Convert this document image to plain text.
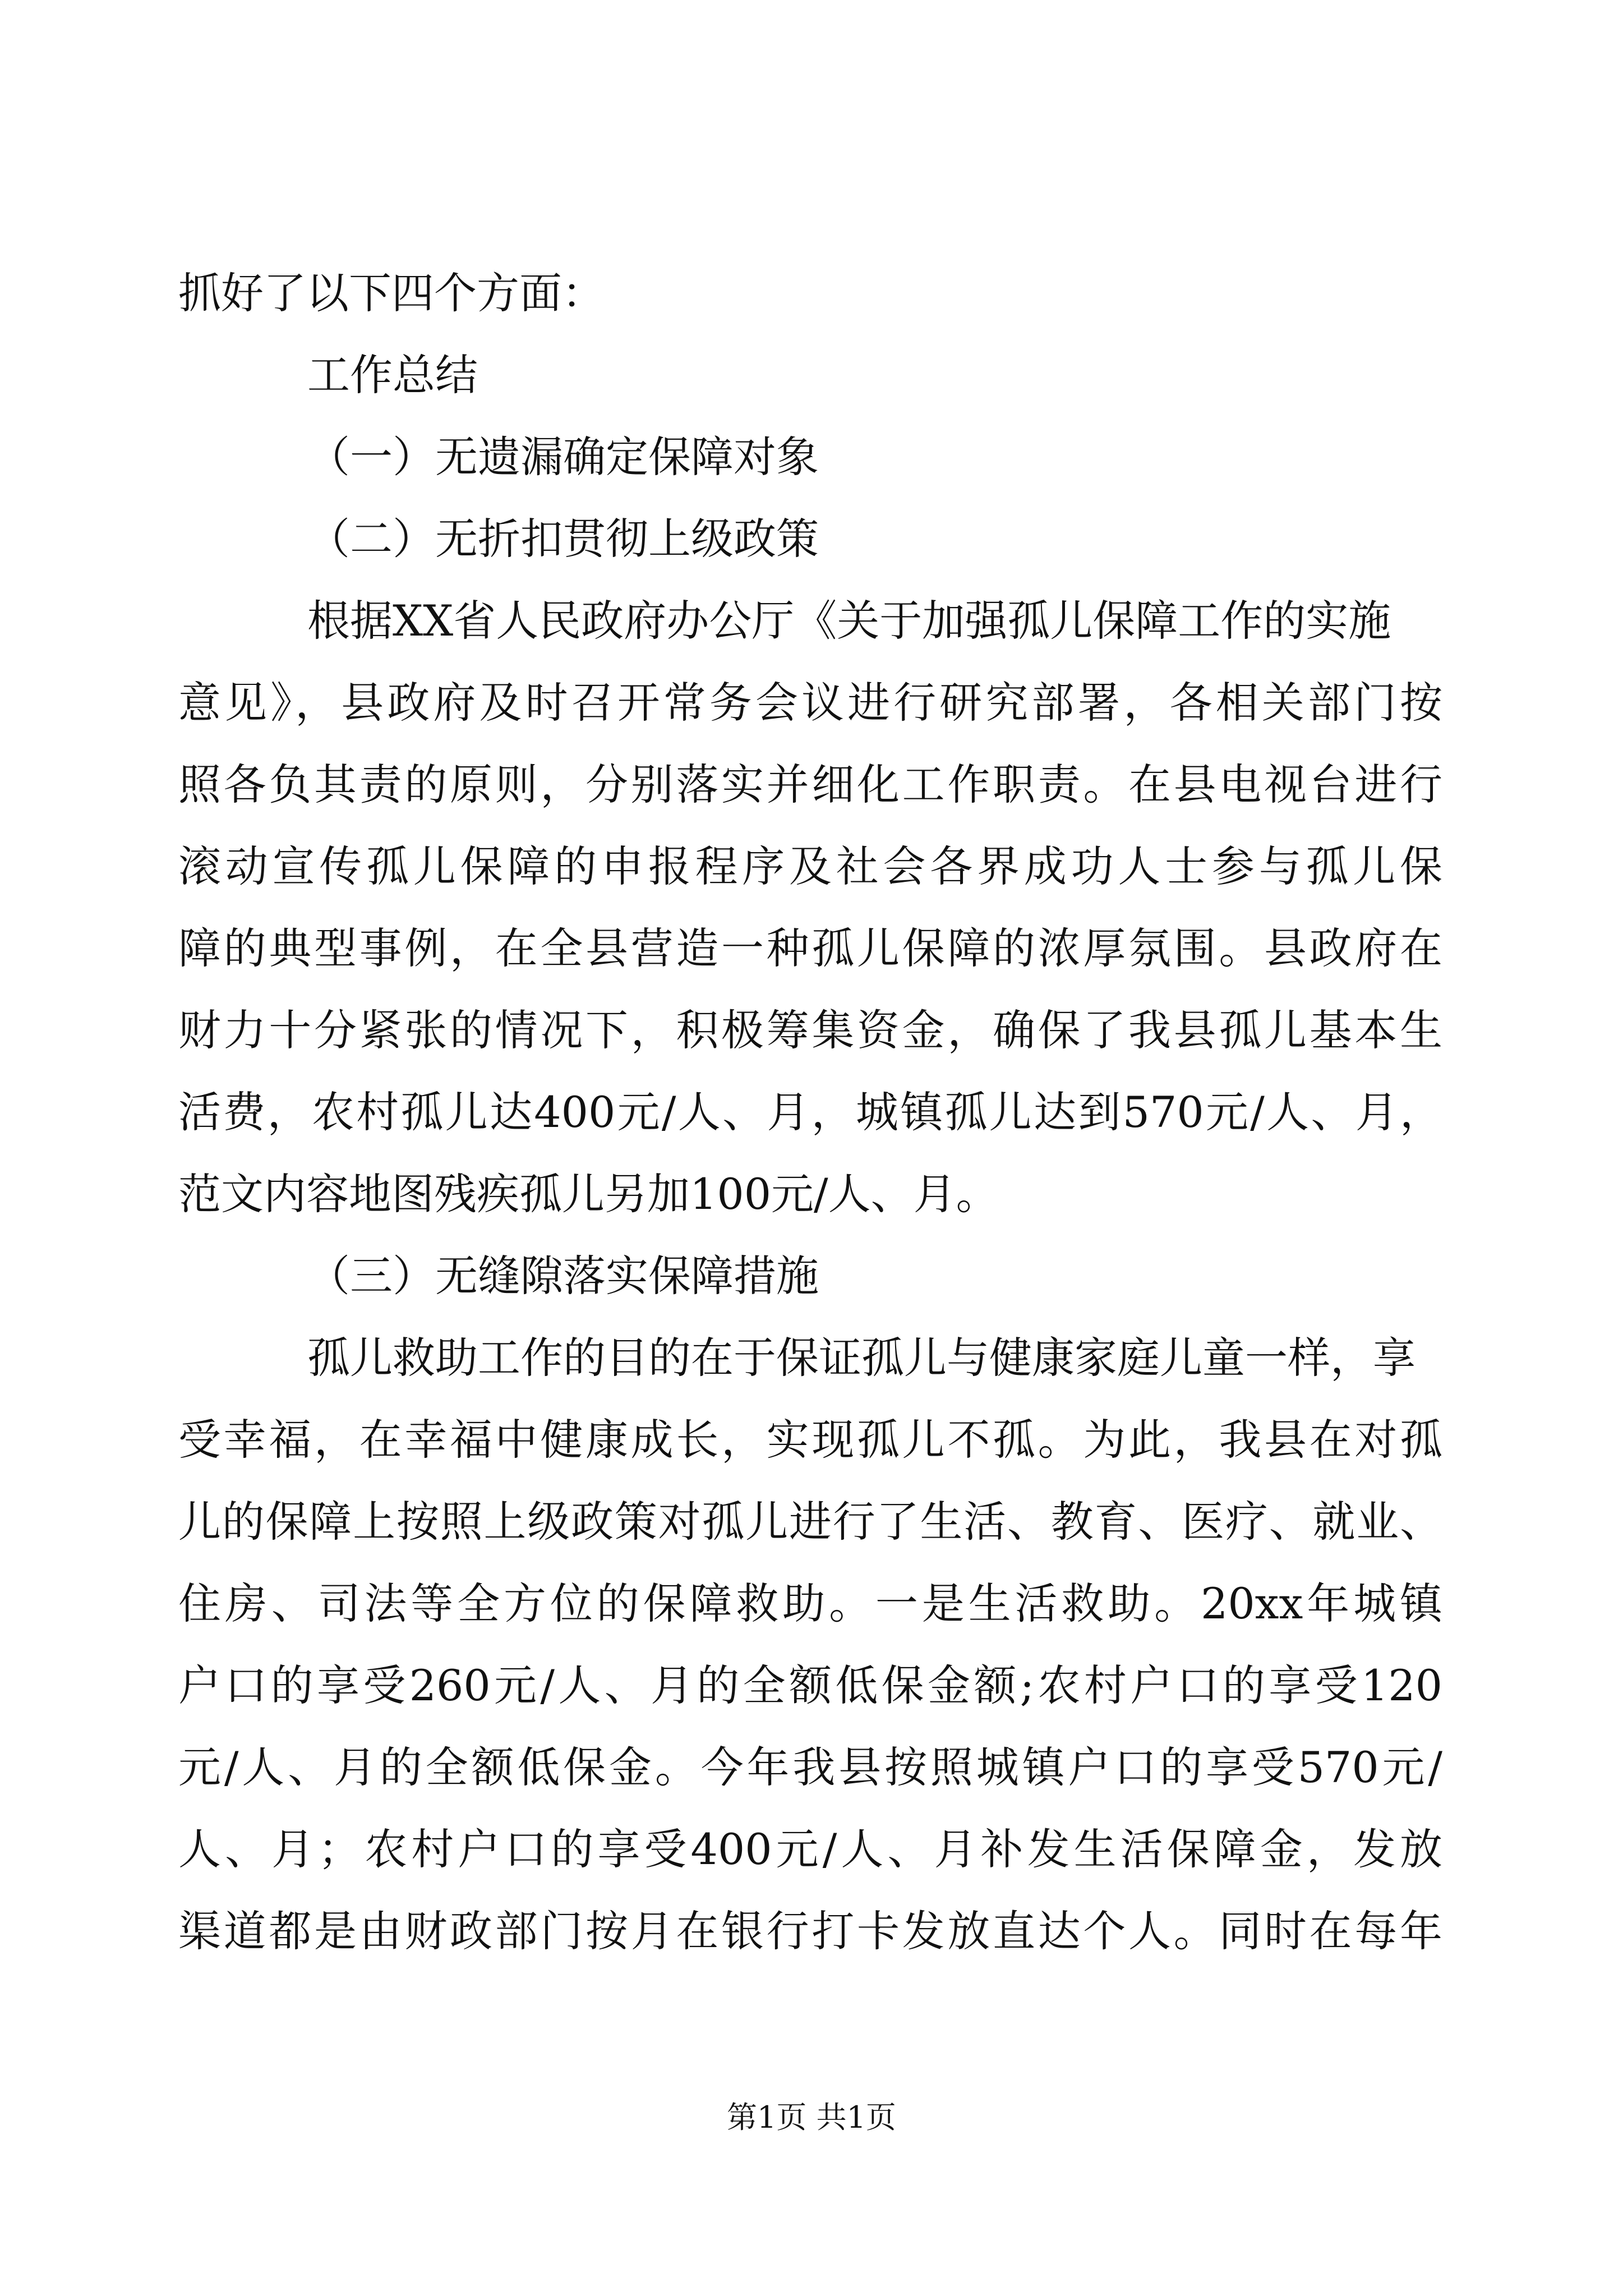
抓好了以下四个方面：
工作总结
（一）无遗漏确定保障对象
（二）无折扣贯彻上级政策
根据XX省人民政府办公厅《关于加强孤儿保障工作的实施
意见》，县政府及时召开常务会议进行研究部署，各相关部门按
照各负其责的原则，分别落实并细化工作职责。在县电视台进行
滚动宣传孤儿保障的申报程序及社会各界成功人士参与孤儿保
障的典型事例，在全县营造一种孤儿保障的浓厚氛围。县政府在
财力十分紧张的情况下，积极筹集资金，确保了我县孤儿基本生
活费，农村孤儿达400元/人、月，城镇孤儿达到570元/人、月，
范文内容地图残疾孤儿另加100元/人、月。
（三）无缝隙落实保障措施
孤儿救助工作的目的在于保证孤儿与健康家庭儿童一样，享
受幸福，在幸福中健康成长，实现孤儿不孤。为此，我县在对孤
儿的保障上按照上级政策对孤儿进行了生活、教育、医疗、就业、
住房、司法等全方位的保障救助。一是生活救助。20xx年城镇
户口的享受260元/人、月的全额低保金额;农村户口的享受120
元/人、月的全额低保金。今年我县按照城镇户口的享受570元/
人、月；农村户口的享受400元/人、月补发生活保障金，发放
渠道都是由财政部门按月在银行打卡发放直达个人。同时在每年
第1页 共1页
